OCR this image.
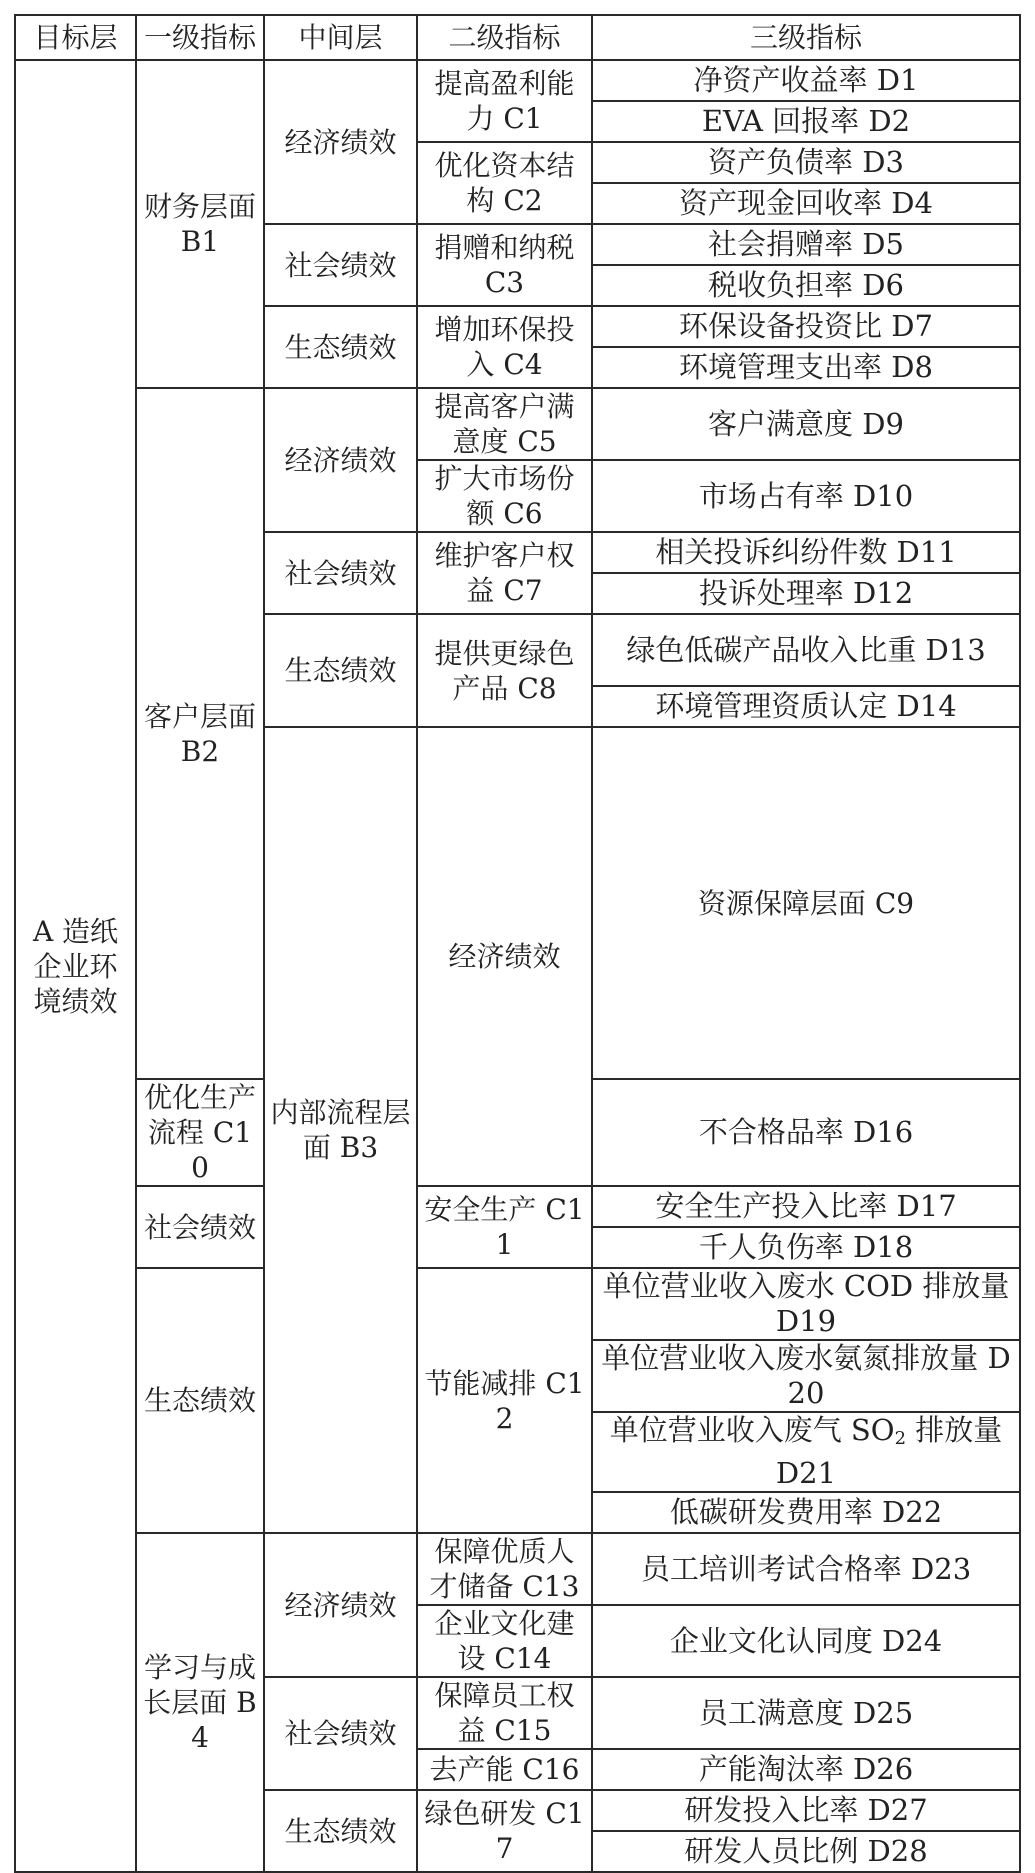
目标层	一级指标	中间层	二级指标	三级指标	
A 造纸企业环境绩效	财务层面 B1	经济绩效	提高盈利能力 C1	净资产收益率 D1	
				EVA 回报率 D2	
			优化资本结构 C2	资产负债率 D3	
				资产现金回收率 D4	
		社会绩效	捐赠和纳税 C3	社会捐赠率 D5	
				税收负担率 D6	
		生态绩效	增加环保投入 C4	环保设备投资比 D7	
				环境管理支出率 D8	
	客户层面 B2	经济绩效	提高客户满意度 C5	客户满意度 D9	
			扩大市场份额 C6	市场占有率 D10	
		社会绩效	维护客户权益 C7	相关投诉纠纷件数 D11	
				投诉处理率 D12	
		生态绩效	提供更绿色产品 C8	绿色低碳产品收入比重 D13	
				环境管理资质认定 D14	
		内部流程层面 B3	经济绩效	资源保障层面 C9	
	优化生产流程 C10			不合格品率 D16	
	社会绩效		安全生产 C11	安全生产投入比率 D17	
				千人负伤率 D18	
	生态绩效		节能减排 C12	单位营业收入废水 COD 排放量 D19	
				单位营业收入废水氨氮排放量 D20	
				单位营业收入废气 $SO_2$ 排放量 D21	
				低碳研发费用率 D22	
	学习与成长层面 B4	经济绩效	保障优质人才储备 C13	员工培训考试合格率 D23	
			企业文化建设 C14	企业文化认同度 D24	
		社会绩效	保障员工权益 C15	员工满意度 D25	
			去产能 C16	产能淘汰率 D26	
		生态绩效	绿色研发 C17	研发投入比率 D27	
				研发人员比例 D28	
